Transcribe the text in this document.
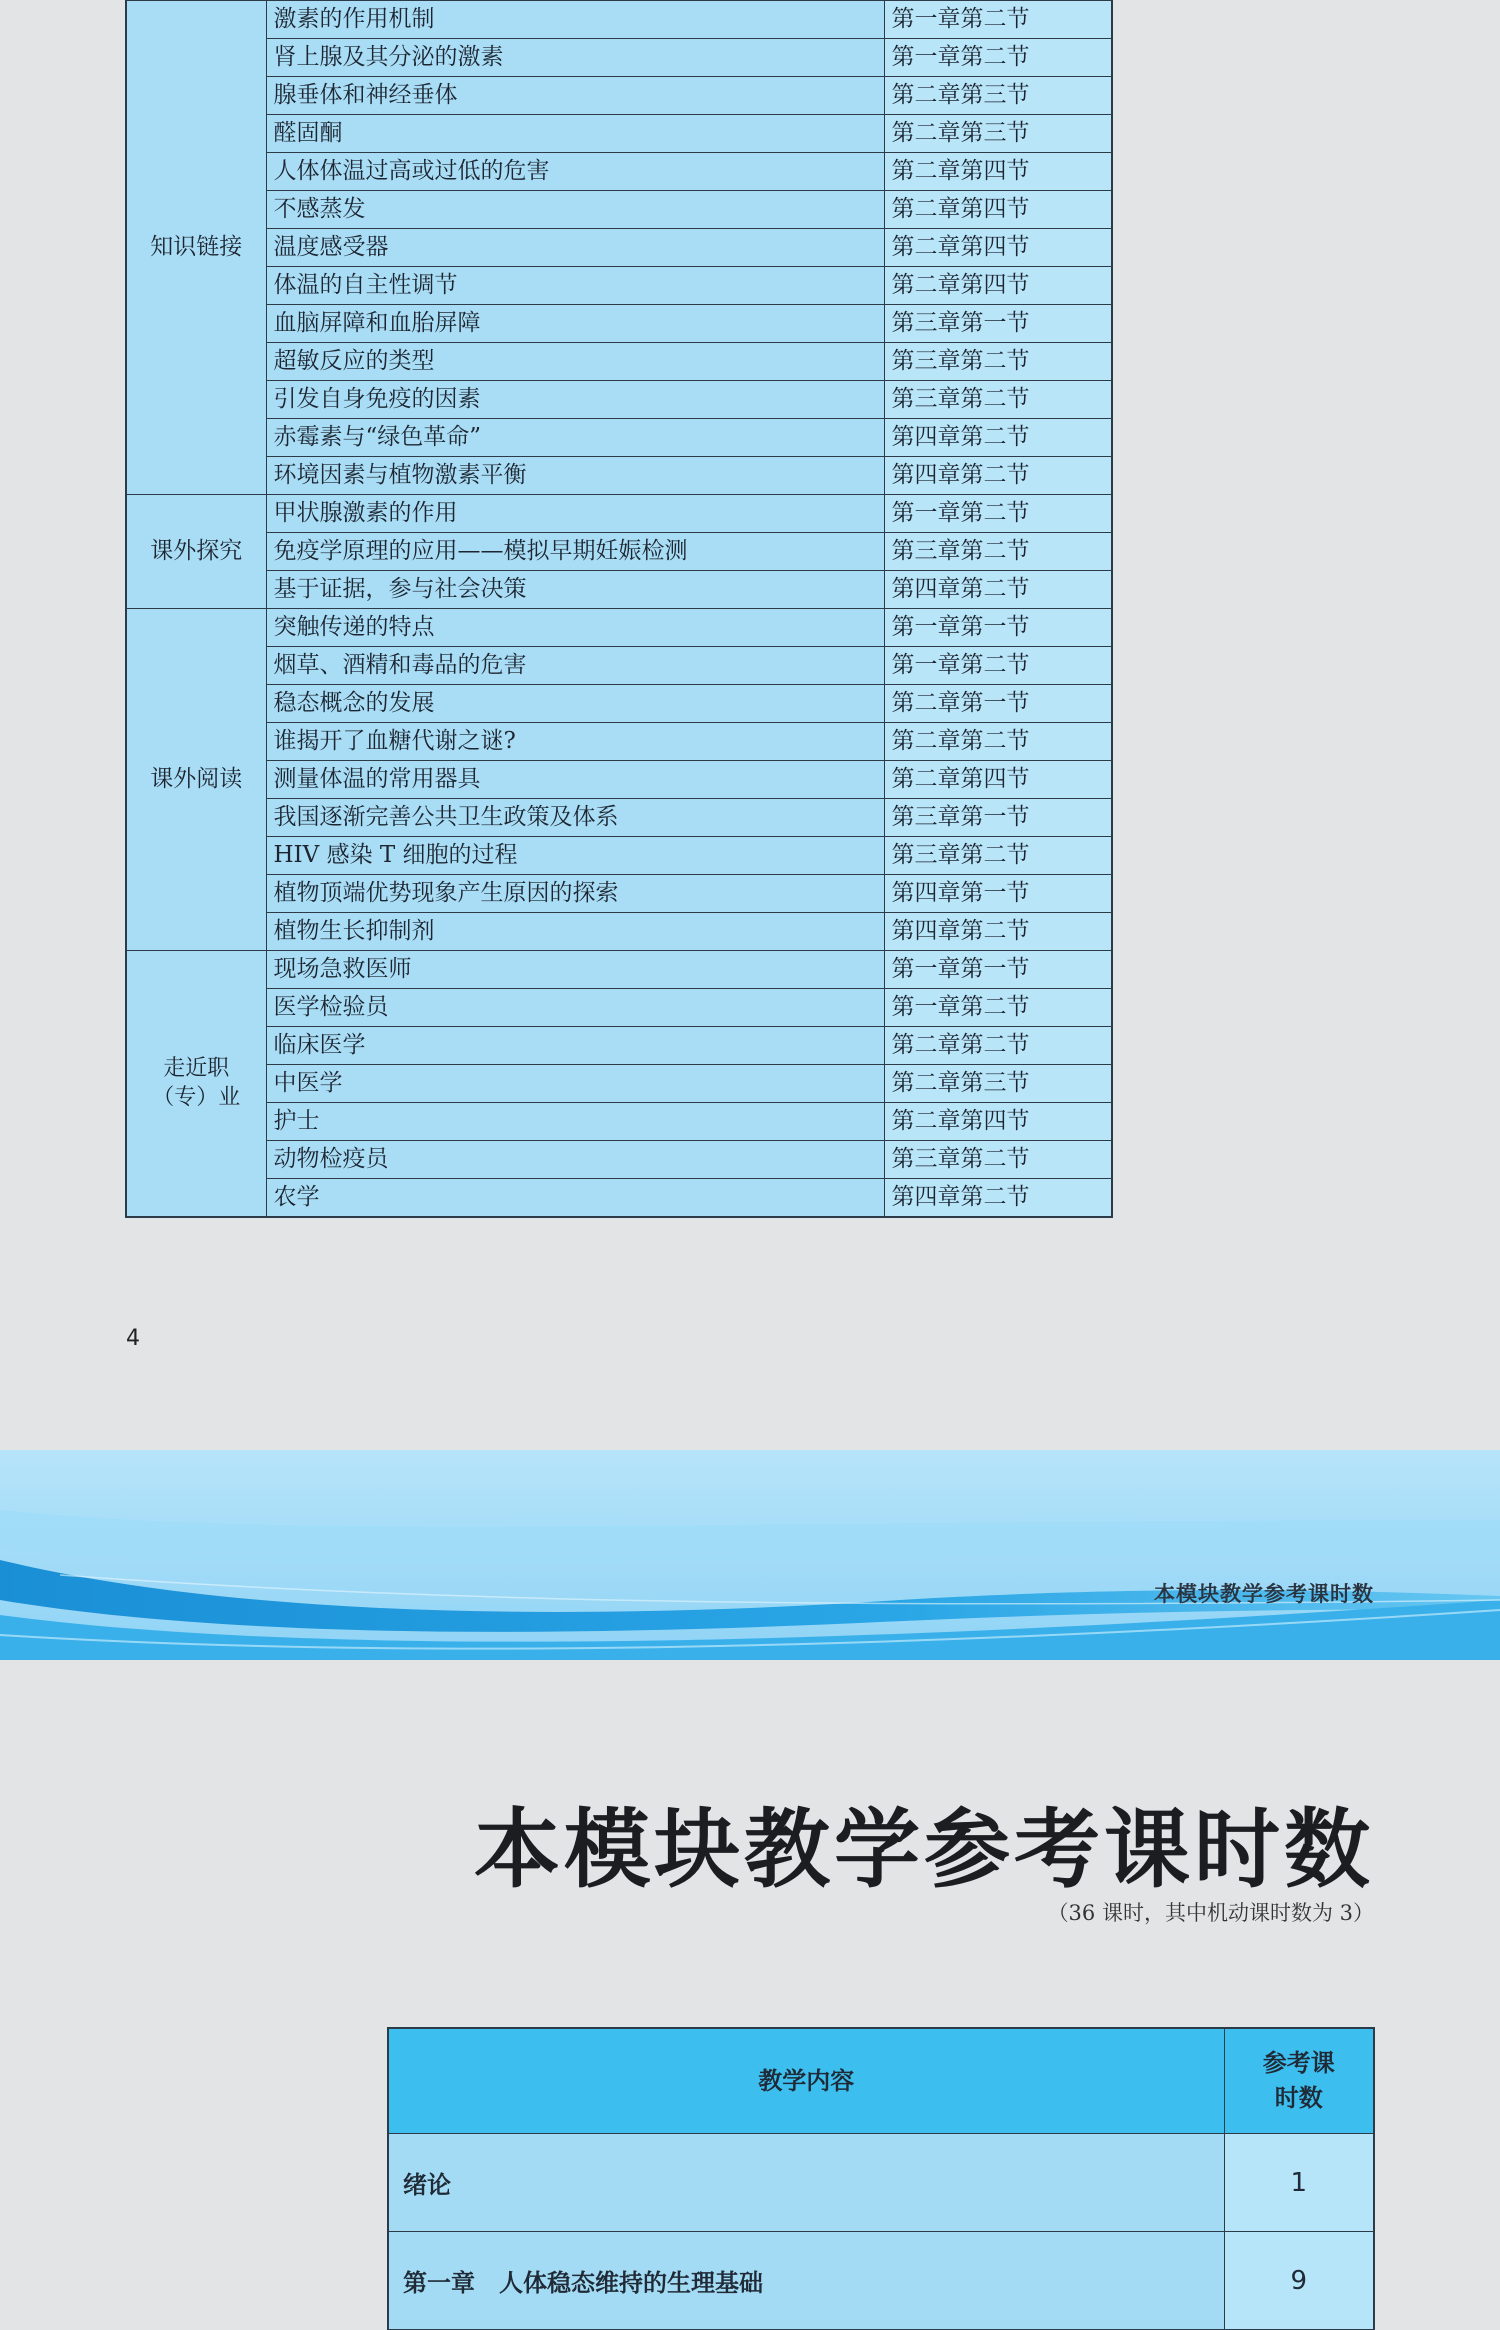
知识链接	激素的作用机制	第一章第二节
	肾上腺及其分泌的激素	第一章第二节
	腺垂体和神经垂体	第二章第三节
	醛固酮	第二章第三节
	人体体温过高或过低的危害	第二章第四节
	不感蒸发	第二章第四节
	温度感受器	第二章第四节
	体温的自主性调节	第二章第四节
	血脑屏障和血胎屏障	第三章第一节
	超敏反应的类型	第三章第二节
	引发自身免疫的因素	第三章第二节
	赤霉素与“绿色革命”	第四章第二节
	环境因素与植物激素平衡	第四章第二节
课外探究	甲状腺激素的作用	第一章第二节
	免疫学原理的应用——模拟早期妊娠检测	第三章第二节
	基于证据，参与社会决策	第四章第二节
课外阅读	突触传递的特点	第一章第一节
	烟草、酒精和毒品的危害	第一章第二节
	稳态概念的发展	第二章第一节
	谁揭开了血糖代谢之谜?	第二章第二节
	测量体温的常用器具	第二章第四节
	我国逐渐完善公共卫生政策及体系	第三章第一节
	HIV 感染 T 细胞的过程	第三章第二节
	植物顶端优势现象产生原因的探索	第四章第一节
	植物生长抑制剂	第四章第二节
走近职（专）业	现场急救医师	第一章第一节
	医学检验员	第一章第二节
	临床医学	第二章第二节
	中医学	第二章第三节
	护士	第二章第四节
	动物检疫员	第三章第二节
	农学	第四章第二节
4
本模块教学参考课时数
本模块教学参考课时数
（36 课时，其中机动课时数为 3）
教学内容	参考课时数
绪论	1
第一章　人体稳态维持的生理基础	9
